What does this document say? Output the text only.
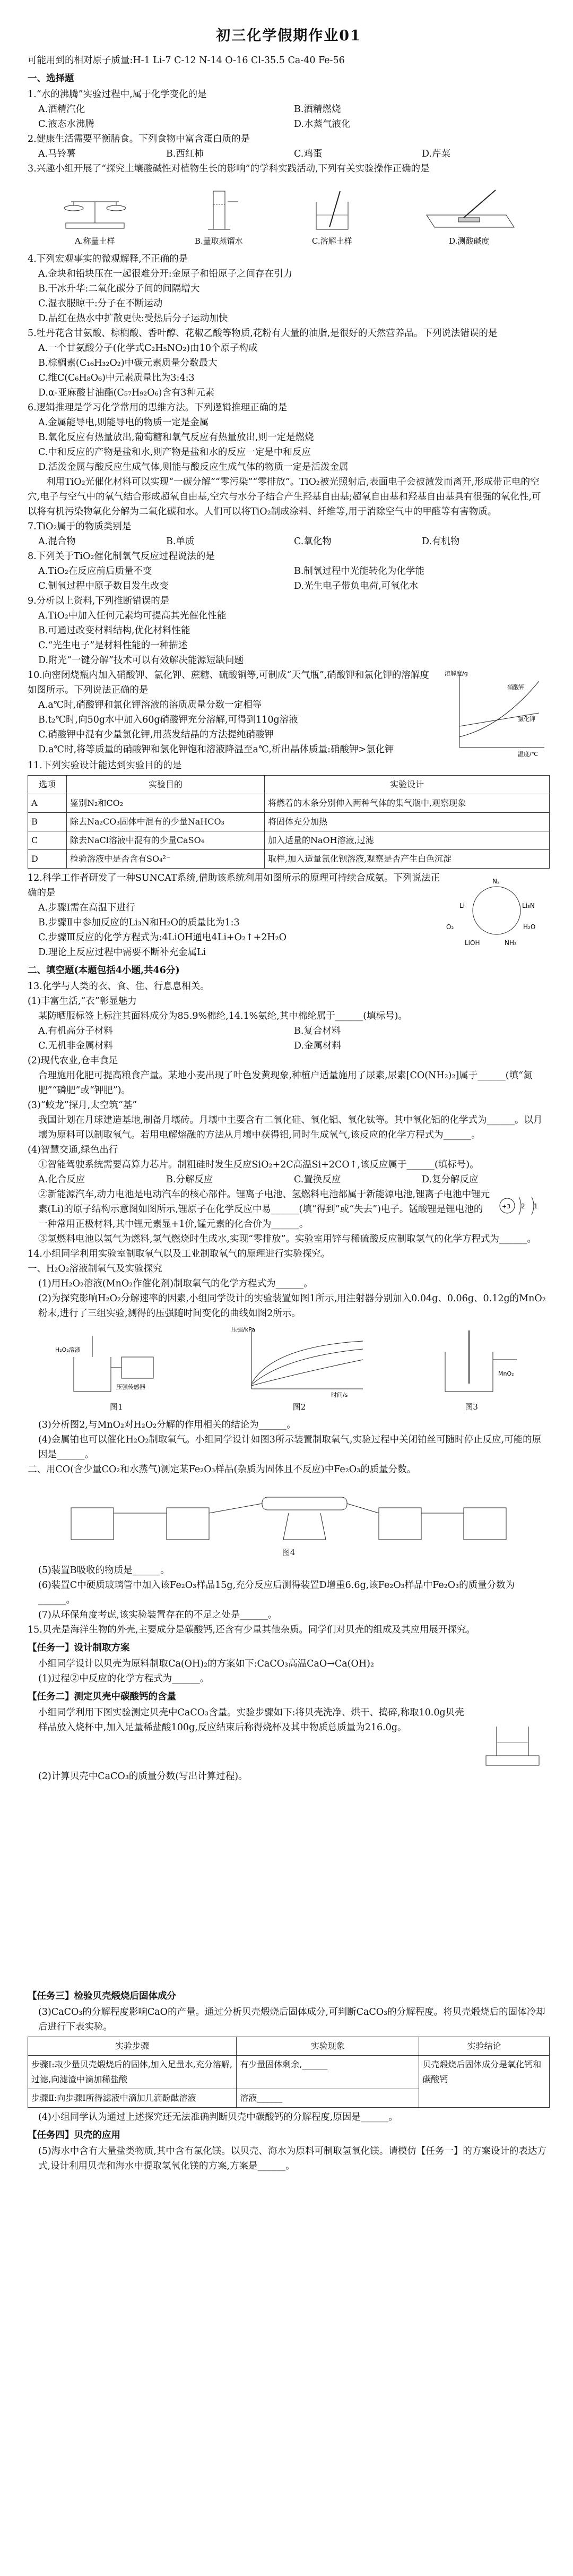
初三化学假期作业01

可能用到的相对原子质量:H-1 Li-7 C-12 N-14 O-16 Cl-35.5 Ca-40 Fe-56

一、选择题

1.“水的沸腾”实验过程中,属于化学变化的是

A.酒精汽化	B.酒精燃烧
C.液态水沸腾	D.水蒸气液化

2.健康生活需要平衡膳食。下列食物中富含蛋白质的是

A.马铃薯	B.西红柿	C.鸡蛋	D.芹菜

3.兴趣小组开展了“探究土壤酸碱性对植物生长的影响”的学科实践活动,下列有关实验操作正确的是

A.称量土样	B.量取蒸馏水	C.溶解土样	D.测酸碱度

4.下列宏观事实的微观解释,不正确的是

A.金块和铅块压在一起很难分开:金原子和铅原子之间存在引力
B.干冰升华:二氧化碳分子间的间隔增大
C.湿衣服晾干:分子在不断运动
D.品红在热水中扩散更快:受热后分子运动加快

5.牡丹花含甘氨酸、棕榈酸、香叶醇、花椒乙酸等物质,花粉有大量的油脂,是很好的天然营养品。下列说法错误的是

A.一个甘氨酸分子(化学式C₂H₅NO₂)由10个原子构成
B.棕榈素(C₁₆H₃₂O₂)中碳元素质量分数最大
C.维C(C₆H₈O₆)中元素质量比为3:4:3
D.α-亚麻酸甘油酯(C₅₇H₉₂O₆)含有3种元素

6.逻辑推理是学习化学常用的思维方法。下列逻辑推理正确的是

A.金属能导电,则能导电的物质一定是金属
B.氧化反应有热量放出,葡萄糖和氧气反应有热量放出,则一定是燃烧
C.中和反应的产物是盐和水,则产物是盐和水的反应一定是中和反应
D.活泼金属与酸反应生成气体,则能与酸反应生成气体的物质一定是活泼金属

利用TiO₂光催化材料可以实现“一碳分解”“零污染”“零排放”。TiO₂被光照射后,表面电子会被激发而离开,形成带正电的空穴,电子与空气中的氧气结合形成超氧自由基,空穴与水分子结合产生羟基自由基;超氧自由基和羟基自由基具有很强的氧化性,可以将有机污染物氧化分解为二氧化碳和水。人们可以将TiO₂制成涂料、纤维等,用于消除空气中的甲醛等有害物质。

7.TiO₂属于的物质类别是

A.混合物	B.单质	C.氧化物	D.有机物

8.下列关于TiO₂催化制氧气反应过程说法的是

A.TiO₂在反应前后质量不变	B.制氧过程中光能转化为化学能
C.制氧过程中原子数目发生改变	D.光生电子带负电荷,可氧化水

9.分析以上资料,下列推断错误的是

A.TiO₂中加入任何元素均可提高其光催化性能
B.可通过改变材料结构,优化材料性能
C.“光生电子”是材料性能的一种描述
D.附光“一键分解”技术可以有效解决能源短缺问题

10.向密闭烧瓶内加入硝酸钾、氯化钾、蔗糖、硫酸铜等,可制成“天气瓶”,硝酸钾和氯化钾的溶解度如图所示。下列说法正确的是

A.a℃时,硝酸钾和氯化钾溶液的溶质质量分数一定相等
B.t₂℃时,向50g水中加入60g硝酸钾充分溶解,可得到110g溶液
C.硝酸钾中混有少量氯化钾,用蒸发结晶的方法提纯硝酸钾
D.a℃时,将等质量的硝酸钾和氯化钾饱和溶液降温至a℃,析出晶体质量:硝酸钾>氯化钾
溶解度/g
温度/℃
硝酸钾
氯化钾

11.下列实验设计能达到实验目的的是

选项	实验目的	实验设计
A	鉴别N₂和CO₂	将燃着的木条分别伸入两种气体的集气瓶中,观察现象
B	除去Na₂CO₃固体中混有的少量NaHCO₃	将固体充分加热
C	除去NaCl溶液中混有的少量CaSO₄	加入适量的NaOH溶液,过滤
D	检验溶液中是否含有SO₄²⁻	取样,加入适量氯化钡溶液,观察是否产生白色沉淀

12.科学工作者研发了一种SUNCAT系统,借助该系统利用如图所示的原理可持续合成氨。下列说法正确的是

A.步骤Ⅰ需在高温下进行
B.步骤Ⅱ中参加反应的Li₃N和H₂O的质量比为1:3
C.步骤Ⅲ反应的化学方程式为:4LiOH通电4Li+O₂↑+2H₂O
D.理论上反应过程中需要不断补充金属Li
N₂
Li₃N
H₂O
NH₃
LiOH
Li
O₂

二、填空题(本题包括4小题,共46分)

13.化学与人类的衣、食、住、行息息相关。

(1)丰富生活,“衣”彰显魅力

某防晒服标签上标注其面料成分为85.9%棉纶,14.1%氨纶,其中棉纶属于______(填标号)。

A.有机高分子材料	B.复合材料
C.无机非金属材料	D.金属材料

(2)现代农业,仓丰食足

合理施用化肥可提高粮食产量。某地小麦出现了叶色发黄现象,种植户适量施用了尿素,尿素[CO(NH₂)₂]属于______(填“氮肥”“磷肥”或“钾肥”)。

(3)“蛟龙”探月,太空筑“基”

我国计划在月球建造基地,制备月壤砖。月壤中主要含有二氧化硅、氧化铝、氧化钛等。其中氧化铝的化学式为______。以月壤为原料可以制取氧气。若用电解熔融的方法从月壤中获得铝,同时生成氧气,该反应的化学方程式为______。

(4)智慧交通,绿色出行

①智能驾驶系统需要高算力芯片。制粗硅时发生反应SiO₂+2C高温Si+2CO↑,该反应属于______(填标号)。

A.化合反应	B.分解反应	C.置换反应	D.复分解反应

②新能源汽车,动力电池是电动汽车的核心部件。锂离子电池、氢燃料电池都属于新能源电池,锂离子电池中锂元素(Li)的原子结构示意图如图所示,锂原子在化学反应中易______(填“得到”或“失去”)电子。锰酸锂是锂电池的一种常用正极材料,其中锂元素显+1价,锰元素的化合价为______。

+3 2 1

③氢燃料电池以氢气为燃料,氢气燃烧时生成水,实现“零排放”。实验室用锌与稀硫酸反应制取氢气的化学方程式为______。

14.小组同学利用实验室制取氧气以及工业制取氧气的原理进行实验探究。

一、H₂O₂溶液制氧气及实验探究

(1)用H₂O₂溶液(MnO₂作催化剂)制取氧气的化学方程式为______。

(2)为探究影响H₂O₂分解速率的因素,小组同学设计的实验装置如图1所示,用注射器分别加入0.04g、0.06g、0.12g的MnO₂粉末,进行了三组实验,测得的压强随时间变化的曲线如图2所示。

压强传感器
H₂O₂溶液
图1
压强/kPa
时间/s
图2
MnO₂
图3

(3)分析图2,与MnO₂对H₂O₂分解的作用相关的结论为______。

(4)金属铂也可以催化H₂O₂制取氧气。小组同学设计如图3所示装置制取氧气,实验过程中关闭铂丝可随时停止反应,可能的原因是______。

二、用CO(含少量CO₂和水蒸气)测定某Fe₂O₃样品(杂质为固体且不反应)中Fe₂O₃的质量分数。

图4

(5)装置B吸收的物质是______。

(6)装置C中硬质玻璃管中加入该Fe₂O₃样品15g,充分反应后测得装置D增重6.6g,该Fe₂O₃样品中Fe₂O₃的质量分数为______。

(7)从环保角度考虑,该实验装置存在的不足之处是______。

15.贝壳是海洋生物的外壳,主要成分是碳酸钙,还含有少量其他杂质。同学们对贝壳的组成及其应用展开探究。

【任务一】设计制取方案

小组同学设计以贝壳为原料制取Ca(OH)₂的方案如下:CaCO₃高温CaO→Ca(OH)₂

(1)过程②中反应的化学方程式为______。

【任务二】测定贝壳中碳酸钙的含量

小组同学利用下图实验测定贝壳中CaCO₃含量。实验步骤如下:将贝壳洗净、烘干、捣碎,称取10.0g贝壳样品放入烧杯中,加入足量稀盐酸100g,反应结束后称得烧杯及其中物质总质量为216.0g。

(2)计算贝壳中CaCO₃的质量分数(写出计算过程)。

【任务三】检验贝壳煅烧后固体成分

(3)CaCO₃的分解程度影响CaO的产量。通过分析贝壳煅烧后固体成分,可判断CaCO₃的分解程度。将贝壳煅烧后的固体冷却后进行下表实验。

实验步骤	实验现象	实验结论
步骤Ⅰ:取少量贝壳煅烧后的固体,加入足量水,充分溶解,过滤,向滤渣中滴加稀盐酸	有少量固体剩余,______	贝壳煅烧后固体成分是氧化钙和碳酸钙
步骤Ⅱ:向步骤Ⅰ所得滤液中滴加几滴酚酞溶液	溶液______	

(4)小组同学认为通过上述探究还无法准确判断贝壳中碳酸钙的分解程度,原因是______。

【任务四】贝壳的应用

(5)海水中含有大量盐类物质,其中含有氯化镁。以贝壳、海水为原料可制取氢氧化镁。请模仿【任务一】的方案设计的表达方式,设计利用贝壳和海水中提取氢氧化镁的方案,方案是______。
